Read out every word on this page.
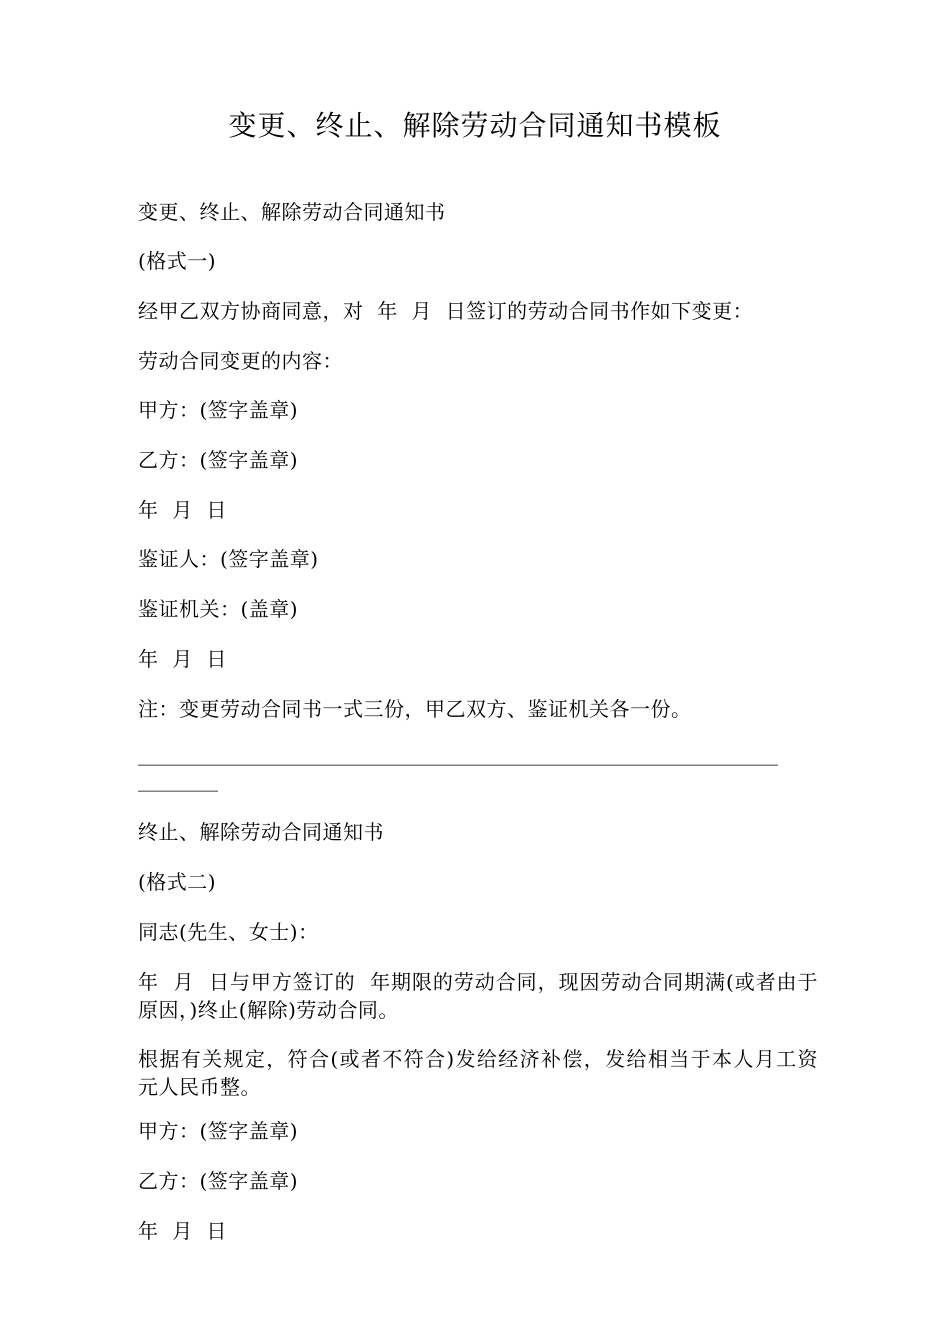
变更、终止、解除劳动合同通知书模板
变更、终止、解除劳动合同通知书
(格式一)
经甲乙双方协商同意，对  年  月  日签订的劳动合同书作如下变更：
劳动合同变更的内容：
甲方：(签字盖章)
乙方：(签字盖章)
年  月  日
鉴证人：(签字盖章)
鉴证机关：(盖章)
年  月  日
注：变更劳动合同书一式三份，甲乙双方、鉴证机关各一份。
________________________________________________________________
________
终止、解除劳动合同通知书
(格式二)
同志(先生、女士)：
年  月  日与甲方签订的  年期限的劳动合同，现因劳动合同期满(或者由于  原因，)终止(解除)劳动合同。
根据有关规定，符合(或者不符合)发给经济补偿，发给相当于本人月工资  元人民币整。
甲方：(签字盖章)
乙方：(签字盖章)
年  月  日
